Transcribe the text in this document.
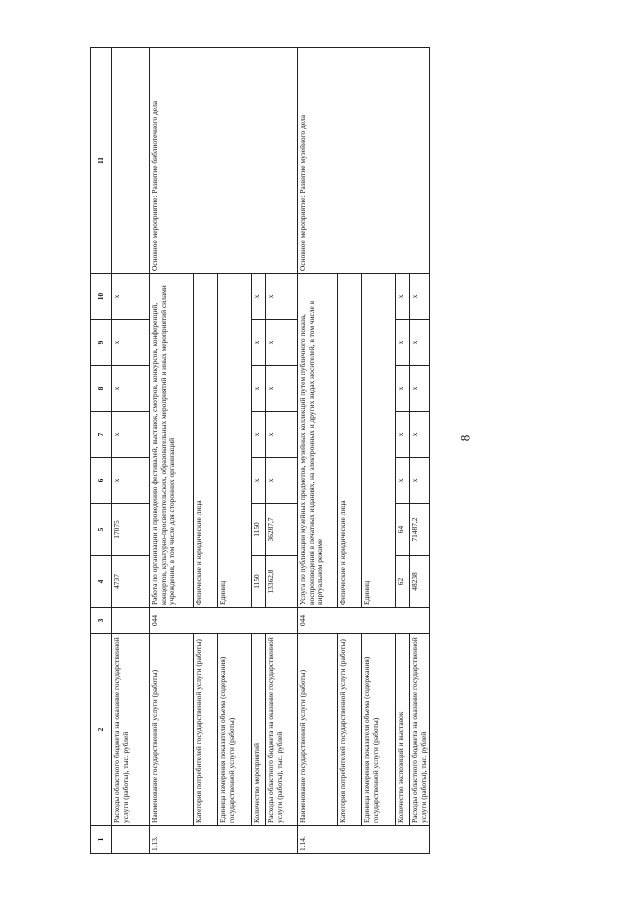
8
1	2	3	4	5	6	7	8	9	10	11
	Расходы областного бюджета на оказание государственной услуги (работы), тыс. рублей		4737	17075	x	x	x	x	x	
1.13.	Наименование государственной услуги (работы)	044	Работа по организации и проведению фестивалей, выставок, смотров, конкурсов, конференций, концертов, культурно-просветительских, образовательных мероприятий и иных мероприятий силами учреждения, в том числе для сторонних организаций							Основное мероприятие: Развитие библиотечного дела
	Категория потребителей государственной услуги (работы)		Физические и юридические лица							
	Единица измерения показателя объема (содержания) государственной услуги (работы)		Единиц							
	Количество мероприятий		1150	1150	x	x	x	x	x	
	Расходы областного бюджета на оказание государственной услуги (работы), тыс. рублей		13362,8	36287,7	x	x	x	x	x	
1.14.	Наименование государственной услуги (работы)	044	Услуга по публикации музейных предметов, музейных коллекций путем публичного показа, воспроизведения в печатных изданиях, на электронных и других видах носителей, в том числе в виртуальном режиме							Основное мероприятие: Развитие музейного дела
	Категория потребителей государственной услуги (работы)		Физические и юридические лица							
	Единица измерения показателя объема (содержания) государственной услуги (работы)		Единиц							
	Количество экспозиций и выставок		62	64	x	x	x	x	x	
	Расходы областного бюджета на оказание государственной услуги (работы), тыс. рублей		48238	71487,2	x	x	x	x	x	
